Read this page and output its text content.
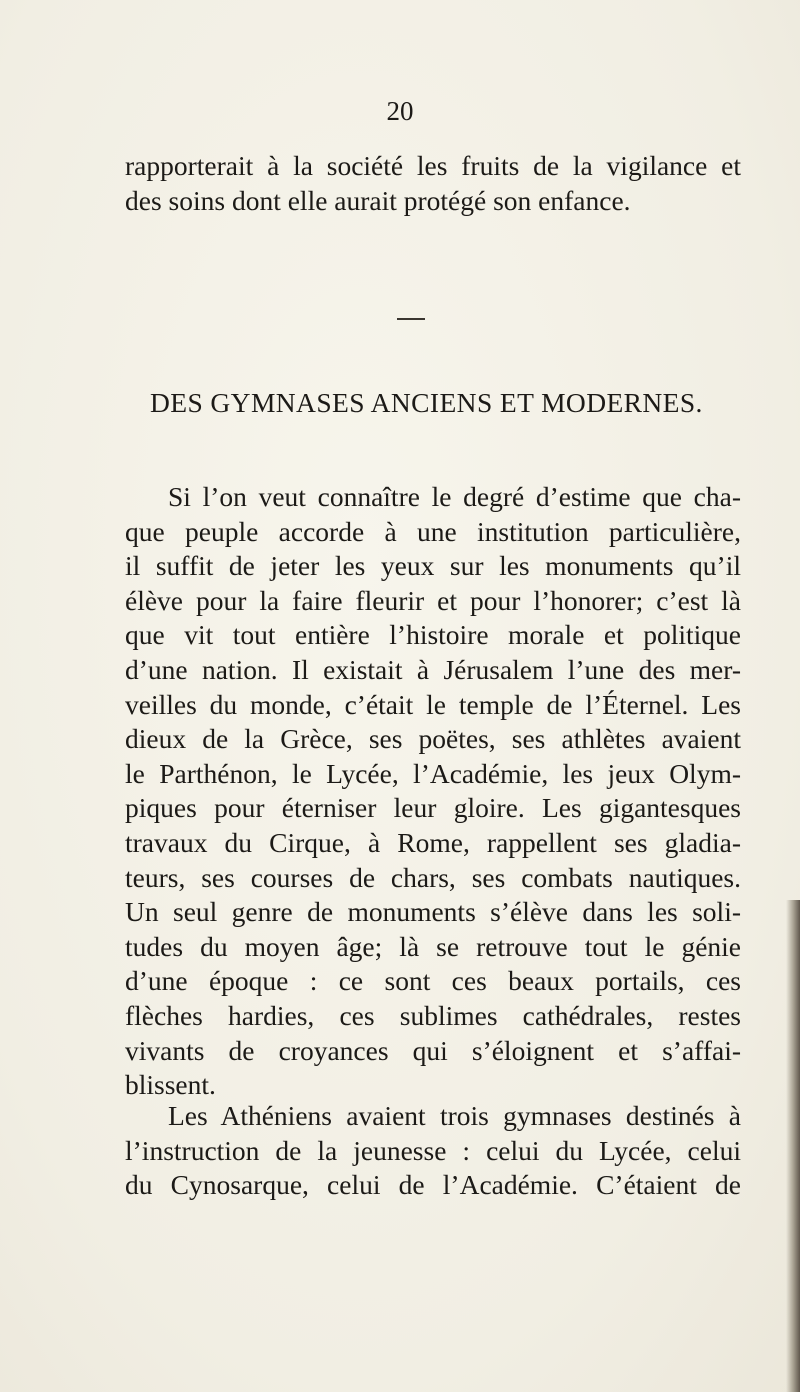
20
rapporterait à la société les fruits de la vigilance et
des soins dont elle aurait protégé son enfance.
DES GYMNASES ANCIENS ET MODERNES.
Si l’on veut connaître le degré d’estime que cha-
que peuple accorde à une institution particulière,
il suffit de jeter les yeux sur les monuments qu’il
élève pour la faire fleurir et pour l’honorer; c’est là
que vit tout entière l’histoire morale et politique
d’une nation. Il existait à Jérusalem l’une des mer-
veilles du monde, c’était le temple de l’Éternel. Les
dieux de la Grèce, ses poëtes, ses athlètes avaient
le Parthénon, le Lycée, l’Académie, les jeux Olym-
piques pour éterniser leur gloire. Les gigantesques
travaux du Cirque, à Rome, rappellent ses gladia-
teurs, ses courses de chars, ses combats nautiques.
Un seul genre de monuments s’élève dans les soli-
tudes du moyen âge; là se retrouve tout le génie
d’une époque : ce sont ces beaux portails, ces
flèches hardies, ces sublimes cathédrales, restes
vivants de croyances qui s’éloignent et s’affai-
blissent.
Les Athéniens avaient trois gymnases destinés à
l’instruction de la jeunesse : celui du Lycée, celui
du Cynosarque, celui de l’Académie. C’étaient de
